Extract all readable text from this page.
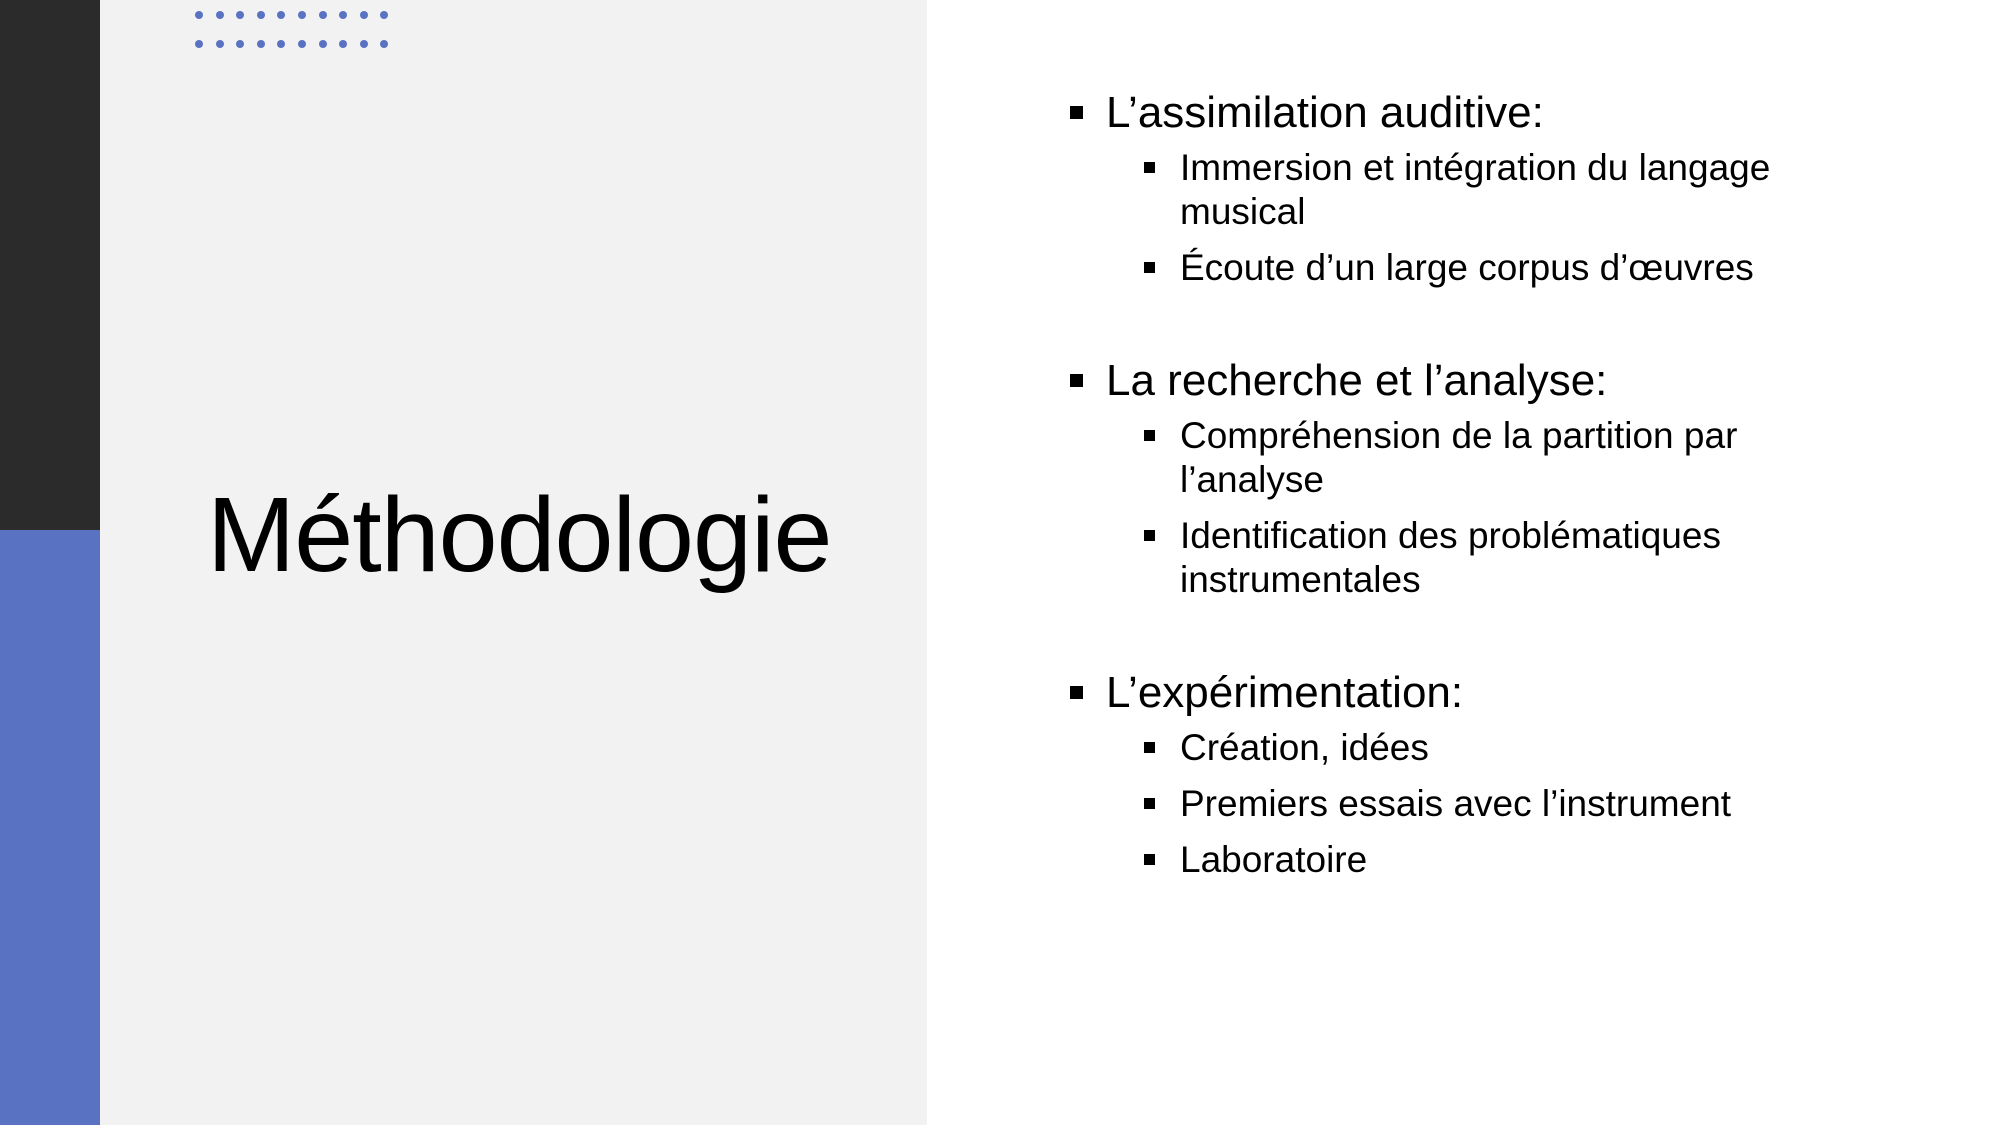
Méthodologie
L’assimilation auditive:
Immersion et intégration du langage musical
Écoute d’un large corpus d’œuvres
La recherche et l’analyse:
Compréhension de la partition par l’analyse
Identification des problématiques instrumentales
L’expérimentation:
Création, idées
Premiers essais avec l’instrument
Laboratoire
